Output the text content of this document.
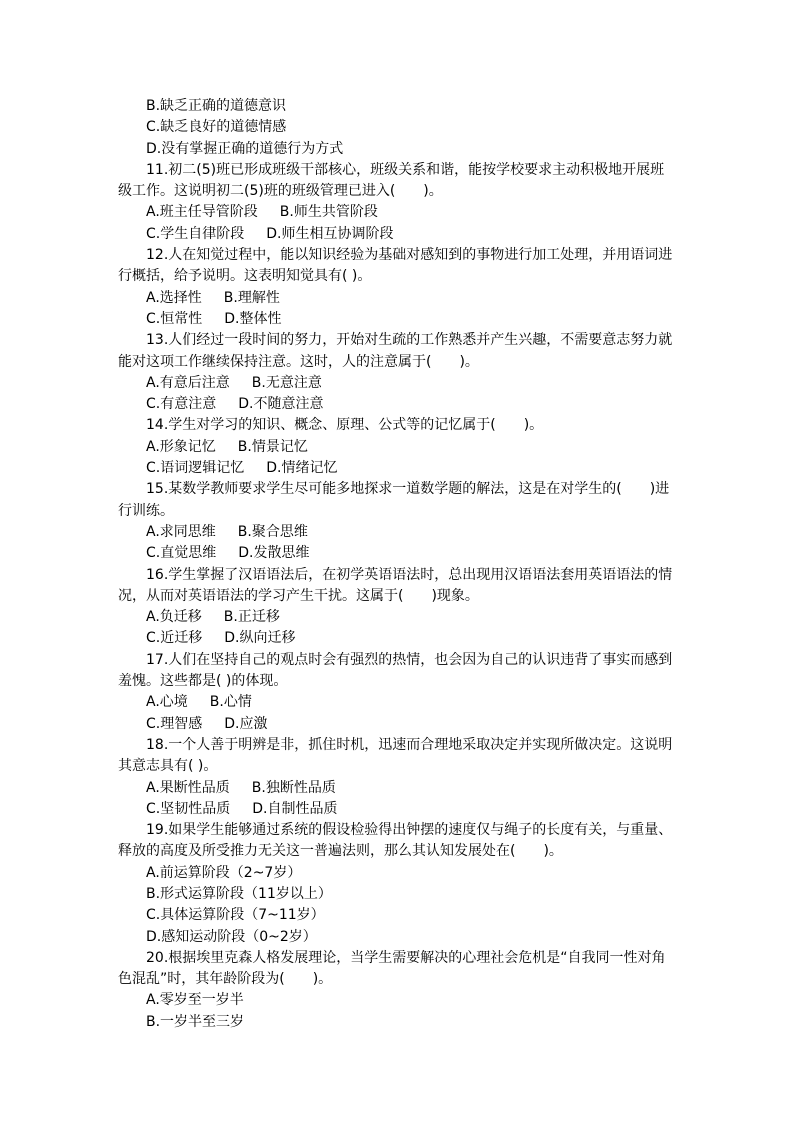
B.缺乏正确的道德意识
C.缺乏良好的道德情感
D.没有掌握正确的道德行为方式
11.初二(5)班已形成班级干部核心，班级关系和谐，能按学校要求主动积极地开展班
级工作。这说明初二(5)班的班级管理已进入(　　)。
A.班主任导管阶段 B.师生共管阶段
C.学生自律阶段 D.师生相互协调阶段
12.人在知觉过程中，能以知识经验为基础对感知到的事物进行加工处理，并用语词进
行概括，给予说明。这表明知觉具有( )。
A.选择性 B.理解性
C.恒常性 D.整体性
13.人们经过一段时间的努力，开始对生疏的工作熟悉并产生兴趣，不需要意志努力就
能对这项工作继续保持注意。这时，人的注意属于(　　)。
A.有意后注意 B.无意注意
C.有意注意 D.不随意注意
14.学生对学习的知识、概念、原理、公式等的记忆属于(　　)。
A.形象记忆 B.情景记忆
C.语词逻辑记忆 D.情绪记忆
15.某数学教师要求学生尽可能多地探求一道数学题的解法，这是在对学生的(　　)进
行训练。
A.求同思维 B.聚合思维
C.直觉思维 D.发散思维
16.学生掌握了汉语语法后，在初学英语语法时，总出现用汉语语法套用英语语法的情
况，从而对英语语法的学习产生干扰。这属于(　　)现象。
A.负迁移 B.正迁移
C.近迁移 D.纵向迁移
17.人们在坚持自己的观点时会有强烈的热情，也会因为自己的认识违背了事实而感到
羞愧。这些都是( )的体现。
A.心境 B.心情
C.理智感 D.应激
18.一个人善于明辨是非，抓住时机，迅速而合理地采取决定并实现所做决定。这说明
其意志具有( )。
A.果断性品质 B.独断性品质
C.坚韧性品质 D.自制性品质
19.如果学生能够通过系统的假设检验得出钟摆的速度仅与绳子的长度有关，与重量、
释放的高度及所受推力无关这一普遍法则，那么其认知发展处在(　　)。
A.前运算阶段（2~7岁）
B.形式运算阶段（11岁以上）
C.具体运算阶段（7~11岁）
D.感知运动阶段（0~2岁）
20.根据埃里克森人格发展理论，当学生需要解决的心理社会危机是“自我同一性对角
色混乱”时，其年龄阶段为(　　)。
A.零岁至一岁半
B.一岁半至三岁
